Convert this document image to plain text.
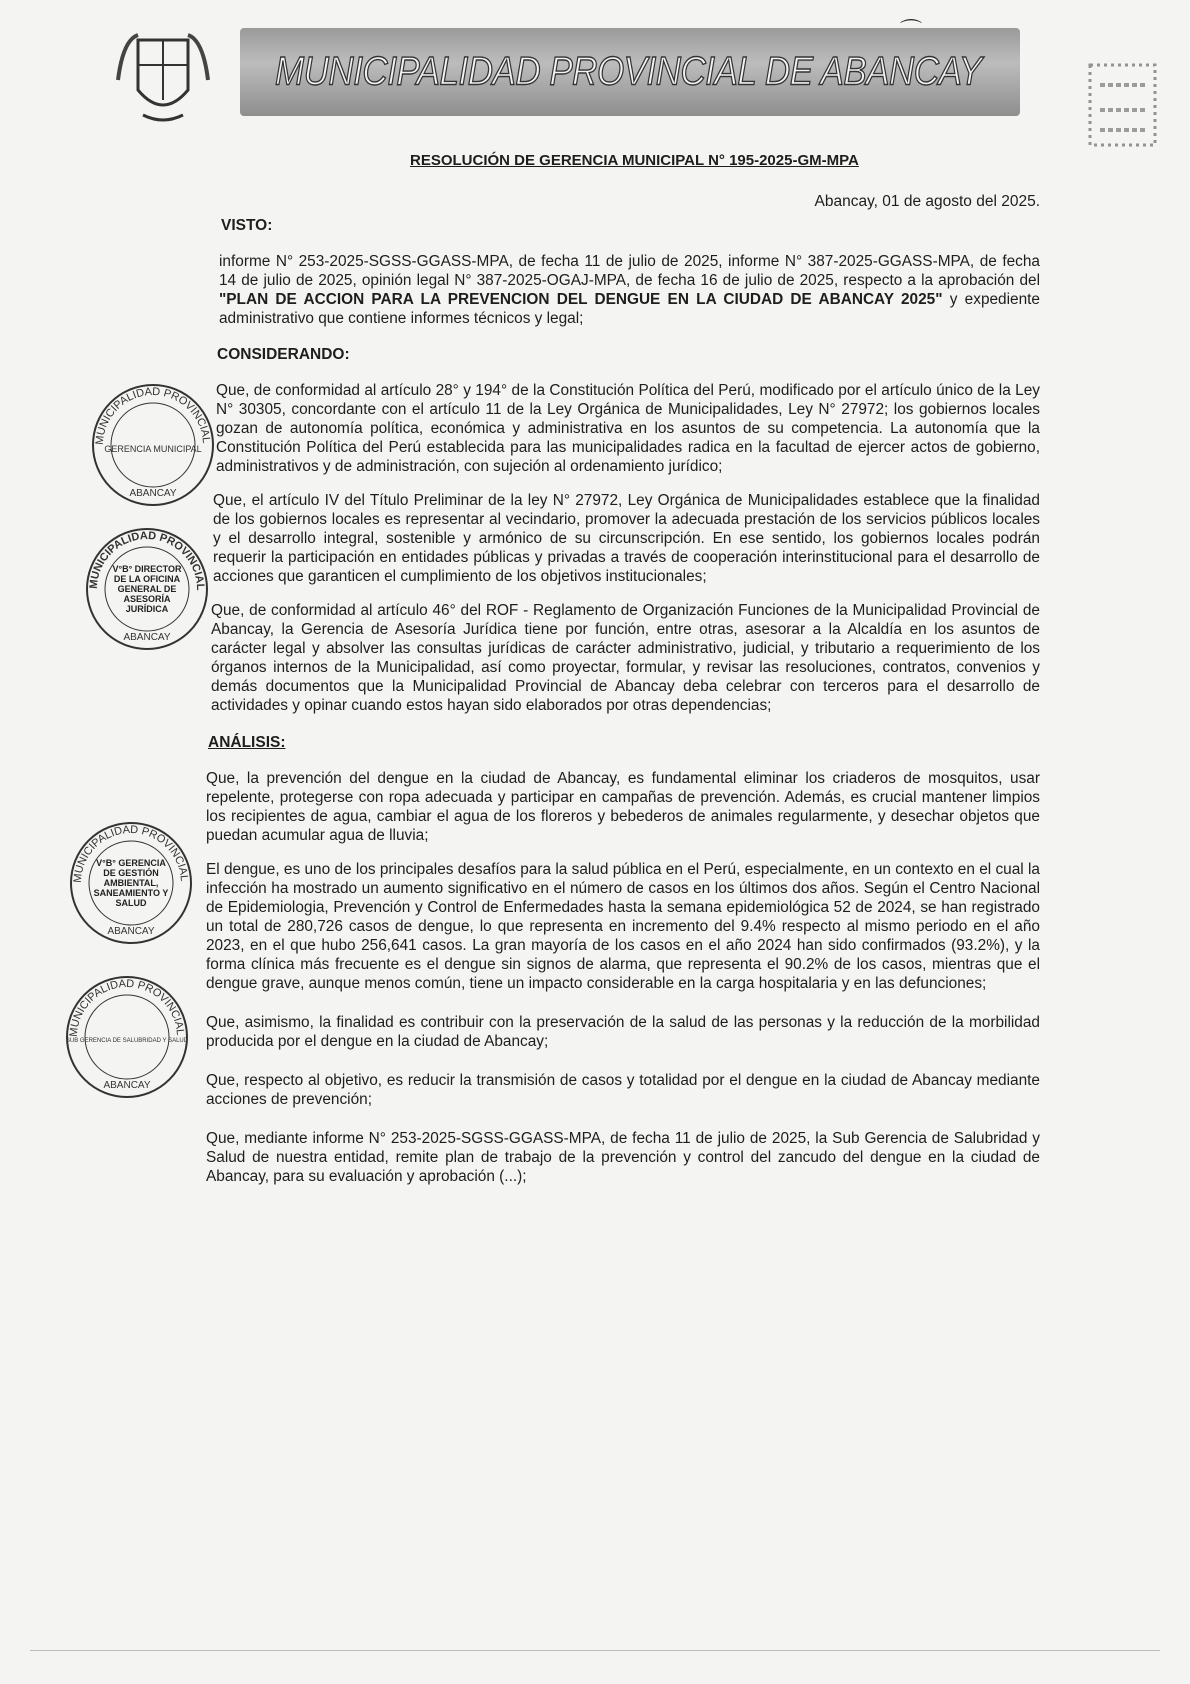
MUNICIPALIDAD PROVINCIAL DE ABANCAY
⌒
RESOLUCIÓN DE GERENCIA MUNICIPAL N° 195-2025-GM-MPA
Abancay, 01 de agosto del 2025.

VISTO:

informe N° 253-2025-SGSS-GGASS-MPA, de fecha 11 de julio de 2025, informe N° 387-2025-GGASS-MPA, de fecha 14 de julio de 2025, opinión legal N° 387-2025-OGAJ-MPA, de fecha 16 de julio de 2025, respecto a la aprobación del "PLAN DE ACCION PARA LA PREVENCION DEL DENGUE EN LA CIUDAD DE ABANCAY 2025" y expediente administrativo que contiene informes técnicos y legal;

CONSIDERANDO:

Que, de conformidad al artículo 28° y 194° de la Constitución Política del Perú, modificado por el artículo único de la Ley N° 30305, concordante con el artículo 11 de la Ley Orgánica de Municipalidades, Ley N° 27972; los gobiernos locales gozan de autonomía política, económica y administrativa en los asuntos de su competencia. La autonomía que la Constitución Política del Perú establecida para las municipalidades radica en la facultad de ejercer actos de gobierno, administrativos y de administración, con sujeción al ordenamiento jurídico;

Que, el artículo IV del Título Preliminar de la ley N° 27972, Ley Orgánica de Municipalidades establece que la finalidad de los gobiernos locales es representar al vecindario, promover la adecuada prestación de los servicios públicos locales y el desarrollo integral, sostenible y armónico de su circunscripción. En ese sentido, los gobiernos locales podrán requerir la participación en entidades públicas y privadas a través de cooperación interinstitucional para el desarrollo de acciones que garanticen el cumplimiento de los objetivos institucionales;

Que, de conformidad al artículo 46° del ROF - Reglamento de Organización Funciones de la Municipalidad Provincial de Abancay, la Gerencia de Asesoría Jurídica tiene por función, entre otras, asesorar a la Alcaldía en los asuntos de carácter legal y absolver las consultas jurídicas de carácter administrativo, judicial, y tributario a requerimiento de los órganos internos de la Municipalidad, así como proyectar, formular, y revisar las resoluciones, contratos, convenios y demás documentos que la Municipalidad Provincial de Abancay deba celebrar con terceros para el desarrollo de actividades y opinar cuando estos hayan sido elaborados por otras dependencias;

ANÁLISIS:

Que, la prevención del dengue en la ciudad de Abancay, es fundamental eliminar los criaderos de mosquitos, usar repelente, protegerse con ropa adecuada y participar en campañas de prevención. Además, es crucial mantener limpios los recipientes de agua, cambiar el agua de los floreros y bebederos de animales regularmente, y desechar objetos que puedan acumular agua de lluvia;

El dengue, es uno de los principales desafíos para la salud pública en el Perú, especialmente, en un contexto en el cual la infección ha mostrado un aumento significativo en el número de casos en los últimos dos años. Según el Centro Nacional de Epidemiologia, Prevención y Control de Enfermedades hasta la semana epidemiológica 52 de 2024, se han registrado un total de 280,726 casos de dengue, lo que representa en incremento del 9.4% respecto al mismo periodo en el año 2023, en el que hubo 256,641 casos. La gran mayoría de los casos en el año 2024 han sido confirmados (93.2%), y la forma clínica más frecuente es el dengue sin signos de alarma, que representa el 90.2% de los casos, mientras que el dengue grave, aunque menos común, tiene un impacto considerable en la carga hospitalaria y en las defunciones;

Que, asimismo, la finalidad es contribuir con la preservación de la salud de las personas y la reducción de la morbilidad producida por el dengue en la ciudad de Abancay;

Que, respecto al objetivo, es reducir la transmisión de casos y totalidad por el dengue en la ciudad de Abancay mediante acciones de prevención;

Que, mediante informe N° 253-2025-SGSS-GGASS-MPA, de fecha 11 de julio de 2025, la Sub Gerencia de Salubridad y Salud de nuestra entidad, remite plan de trabajo de la prevención y control del zancudo del dengue en la ciudad de Abancay, para su evaluación y aprobación (...);

MUNICIPALIDAD PROVINCIAL
GERENCIA MUNICIPAL
ABANCAY
MUNICIPALIDAD PROVINCIAL
V°B° DIRECTOR DE LA OFICINA GENERAL DE ASESORÍA JURÍDICA
ABANCAY
MUNICIPALIDAD PROVINCIAL
V°B° GERENCIA DE GESTIÓN AMBIENTAL, SANEAMIENTO Y SALUD
ABANCAY
MUNICIPALIDAD PROVINCIAL
SUB GERENCIA DE SALUBRIDAD Y SALUD
ABANCAY
